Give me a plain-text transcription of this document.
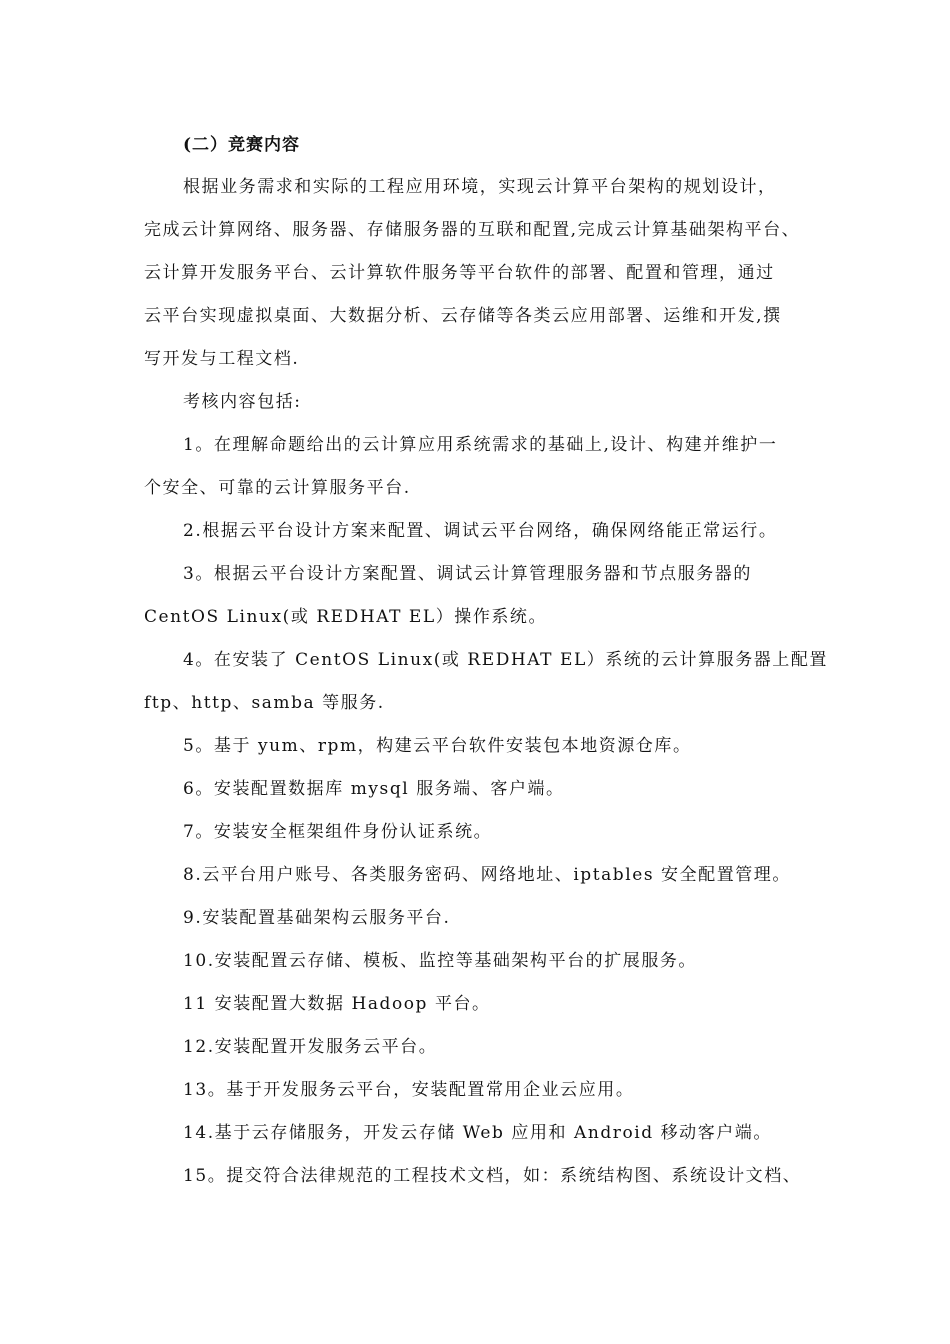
(二）竞赛内容
根据业务需求和实际的工程应用环境，实现云计算平台架构的规划设计，
完成云计算网络、服务器、存储服务器的互联和配置,完成云计算基础架构平台、
云计算开发服务平台、云计算软件服务等平台软件的部署、配置和管理，通过
云平台实现虚拟桌面、大数据分析、云存储等各类云应用部署、运维和开发,撰
写开发与工程文档.
考核内容包括:
1。在理解命题给出的云计算应用系统需求的基础上,设计、构建并维护一
个安全、可靠的云计算服务平台.
2.根据云平台设计方案来配置、调试云平台网络，确保网络能正常运行。
3。根据云平台设计方案配置、调试云计算管理服务器和节点服务器的
CentOS Linux(或 REDHAT EL）操作系统。
4。在安装了 CentOS Linux(或 REDHAT EL）系统的云计算服务器上配置
ftp、http、samba 等服务.
5。基于 yum、rpm，构建云平台软件安装包本地资源仓库。
6。安装配置数据库 mysql 服务端、客户端。
7。安装安全框架组件身份认证系统。
8.云平台用户账号、各类服务密码、网络地址、iptables 安全配置管理。
9.安装配置基础架构云服务平台.
10.安装配置云存储、模板、监控等基础架构平台的扩展服务。
11 安装配置大数据 Hadoop 平台。
12.安装配置开发服务云平台。
13。基于开发服务云平台，安装配置常用企业云应用。
14.基于云存储服务，开发云存储 Web 应用和 Android 移动客户端。
15。提交符合法律规范的工程技术文档，如：系统结构图、系统设计文档、
